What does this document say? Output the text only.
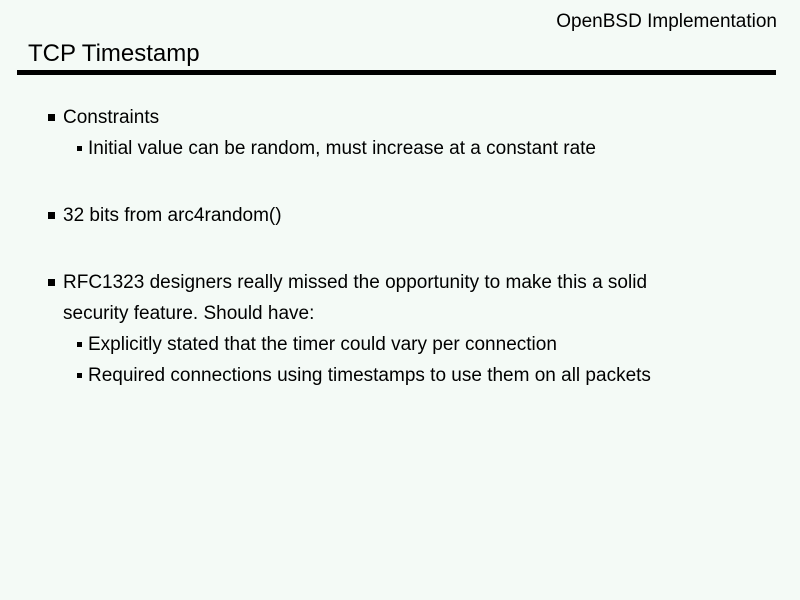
OpenBSD Implementation
TCP Timestamp
Constraints
Initial value can be random, must increase at a constant rate
32 bits from arc4random()
RFC1323 designers really missed the opportunity to make this a solid
security feature. Should have:
Explicitly stated that the timer could vary per connection
Required connections using timestamps to use them on all packets
